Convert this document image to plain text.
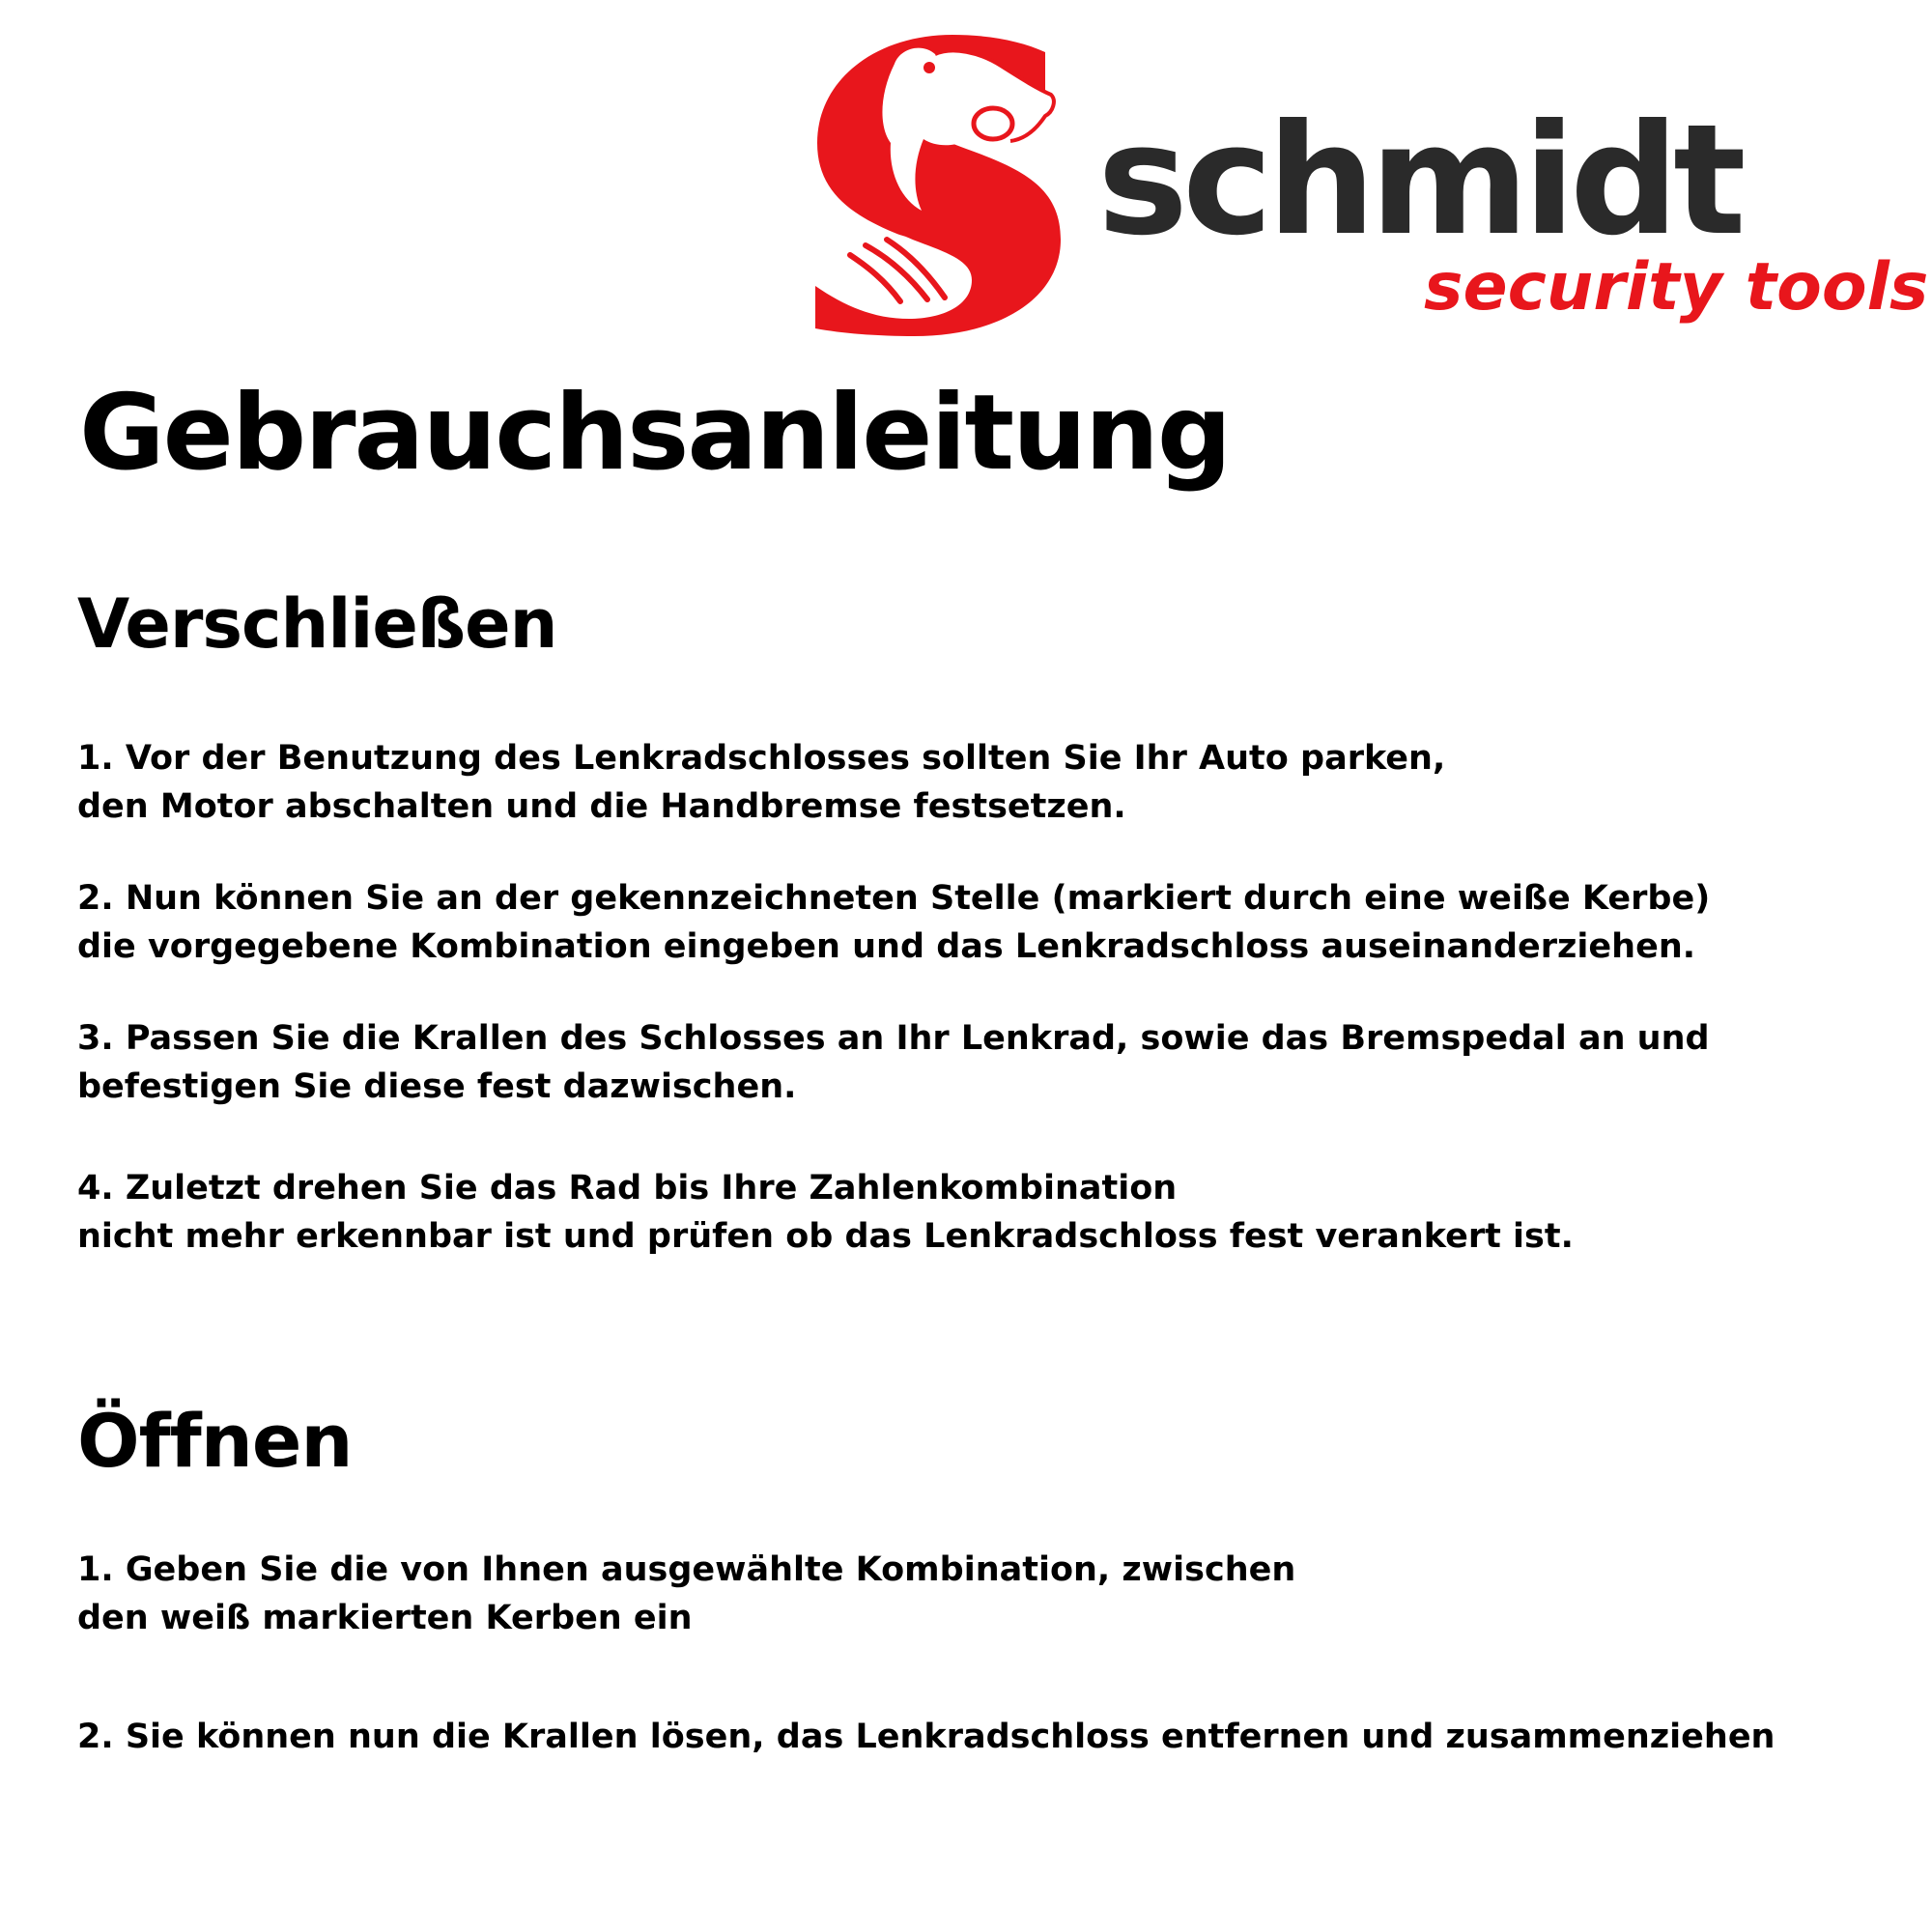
schmidt
security tools
Gebrauchsanleitung
Verschließen

1. Vor der Benutzung des Lenkradschlosses sollten Sie Ihr Auto parken,
den Motor abschalten und die Handbremse festsetzen.

2. Nun können Sie an der gekennzeichneten Stelle (markiert durch eine weiße Kerbe)
die vorgegebene Kombination eingeben und das Lenkradschloss auseinanderziehen.

3. Passen Sie die Krallen des Schlosses an Ihr Lenkrad, sowie das Bremspedal an und
befestigen Sie diese fest dazwischen.

4. Zuletzt drehen Sie das Rad bis Ihre Zahlenkombination
nicht mehr erkennbar ist und prüfen ob das Lenkradschloss fest verankert ist.

Öffnen

1. Geben Sie die von Ihnen ausgewählte Kombination, zwischen
den weiß markierten Kerben ein

2. Sie können nun die Krallen lösen, das Lenkradschloss entfernen und zusammenziehen
